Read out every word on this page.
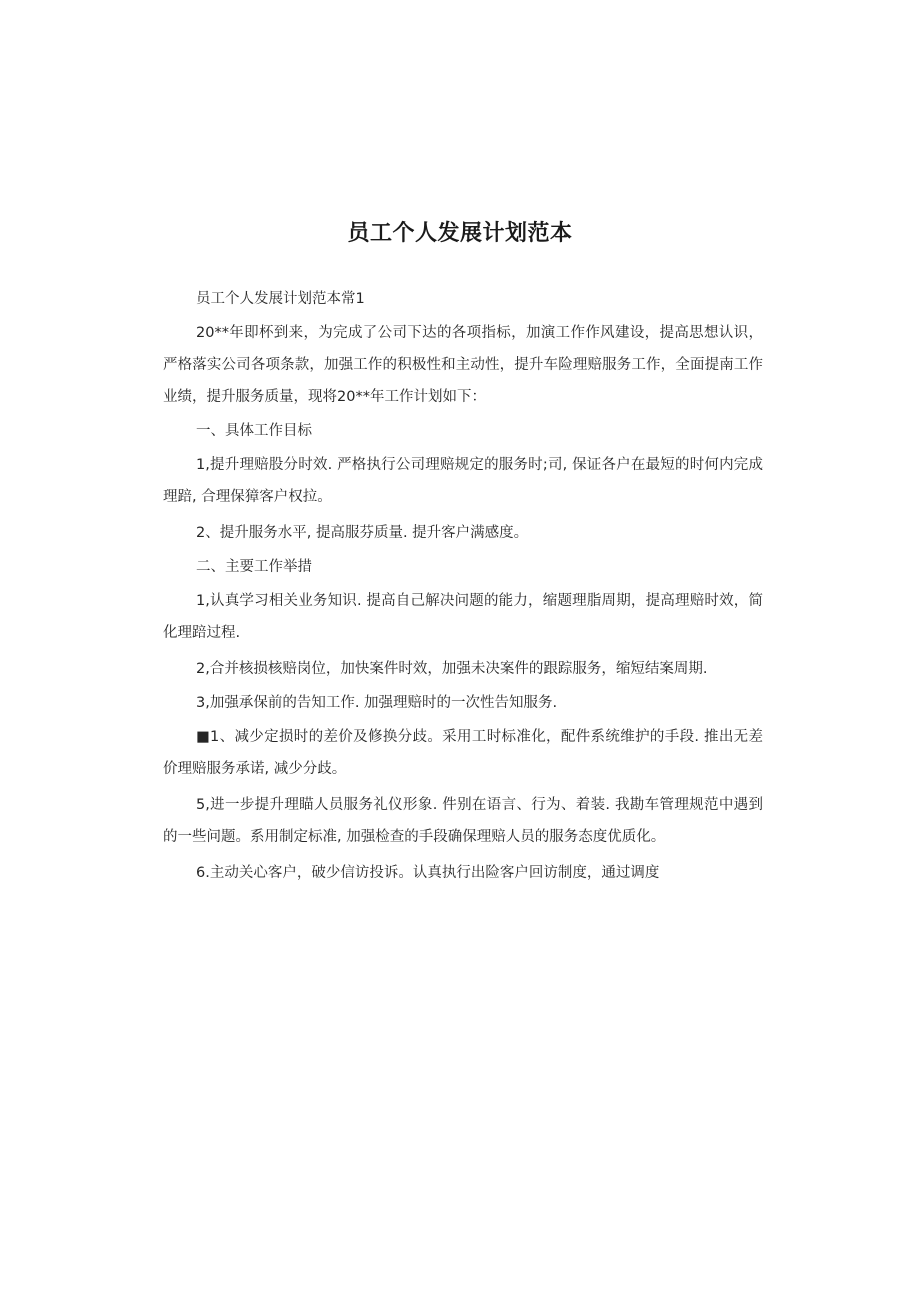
员工个人发展计划范本

员工个人发展计划范本常1

20**年即杯到来，为完成了公司下达的各项指标，加演工作作风建设，提高思想认识，严格落实公司各项条款，加强工作的积极性和主动性，提升车险理赔服务工作，全面提南工作业绩，提升服务质量，现将20**年工作计划如下：

一、具体工作目标

1,提升理赔股分时效. 严格执行公司理赔规定的服务时;司, 保证各户在最短的时何内完成理踣, 合理保獐客户权拉。

2、提升服务水平, 提高服芬质量. 提升客户满感度。

二、主要工作举措

1,认真学习相关业务知识. 提高自己解决问题的能力，缩题理脂周期，提高理赔时效，简化理踣过程.

2,合并核损核赔岗位，加快案件时效，加强未决案件的跟踪服务，缩短结案周期.

3,加强承保前的告知工作. 加强理赔时的一次性告知服务.

■1、减少定损时的差价及修换分歧。采用工时标准化，配件系统维护的手段. 推出无差价理赔服务承诺, 减少分歧。

5,进一步提升理瞄人员服务礼仪形象. 件别在语言、行为、着装. 我勘车管理规范中遇到的一些问题。系用制定标准, 加强检查的手段确保理赔人员的服务态度优质化。

6.主动关心客户，破少信访投诉。认真执行出险客户回访制度，通过调度
